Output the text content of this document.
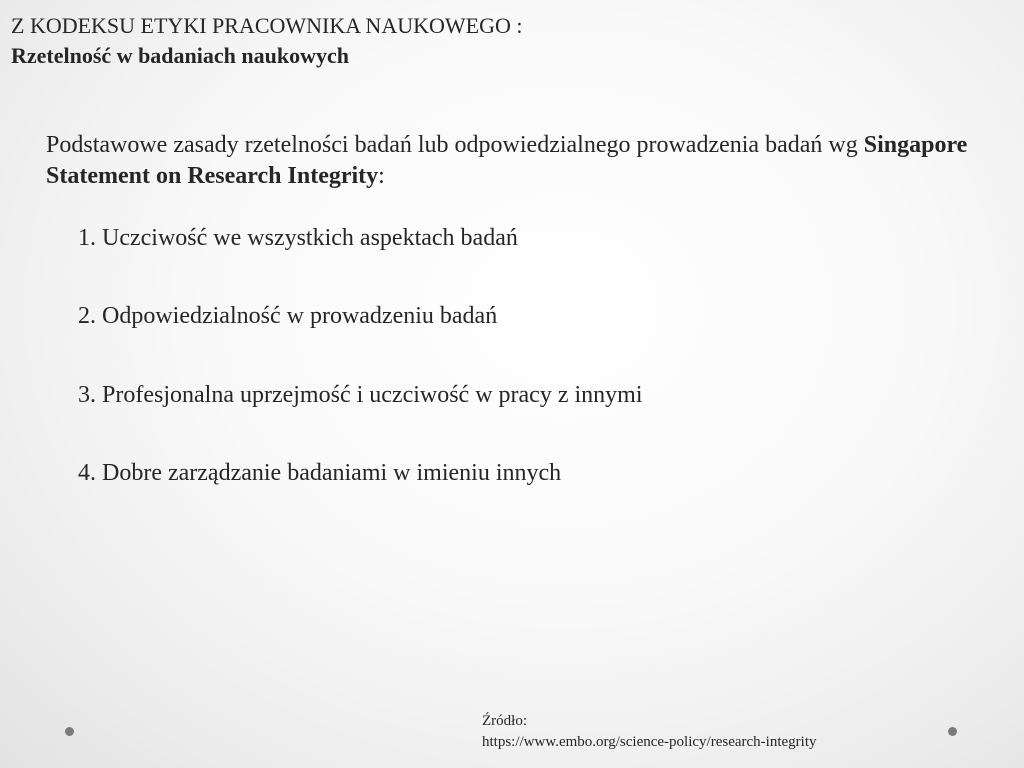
Z KODEKSU ETYKI PRACOWNIKA NAUKOWEGO :
Rzetelność w badaniach naukowych
Podstawowe zasady rzetelności badań lub odpowiedzialnego prowadzenia badań wg Singapore Statement on Research Integrity:
1. Uczciwość we wszystkich aspektach badań
2. Odpowiedzialność w prowadzeniu badań
3. Profesjonalna uprzejmość i uczciwość w pracy z innymi
4. Dobre zarządzanie badaniami w imieniu innych
Źródło:
https://www.embo.org/science-policy/research-integrity
